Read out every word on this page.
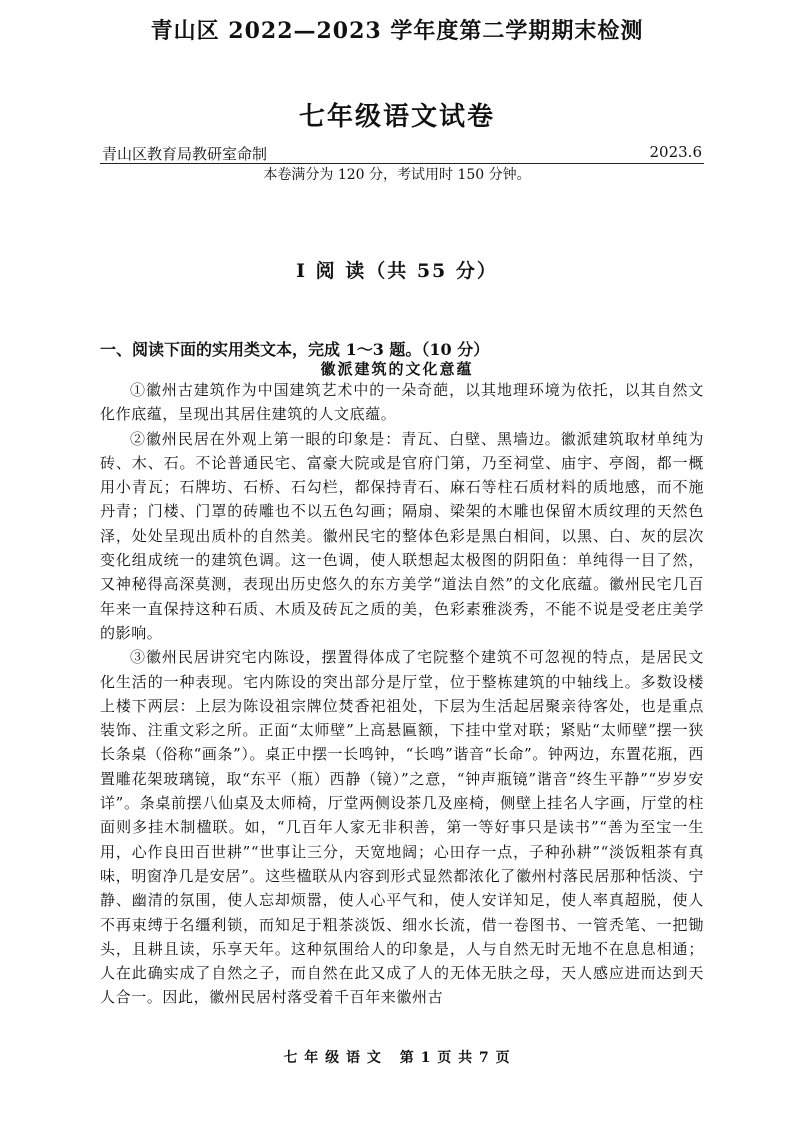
青山区 2022—2023 学年度第二学期期末检测
七年级语文试卷
青山区教育局教研室命制	2023.6
本卷满分为 120 分，考试用时 150 分钟。
Ⅰ 阅 读（共 55 分）
一、阅读下面的实用类文本，完成 1～3 题。（10 分）
徽派建筑的文化意蕴

①徽州古建筑作为中国建筑艺术中的一朵奇葩，以其地理环境为依托，以其自然文化作底蕴，呈现出其居住建筑的人文底蕴。

②徽州民居在外观上第一眼的印象是：青瓦、白壁、黑墙边。徽派建筑取材单纯为砖、木、石。不论普通民宅、富豪大院或是官府门第，乃至祠堂、庙宇、亭阁，都一概用小青瓦；石牌坊、石桥、石勾栏，都保持青石、麻石等柱石质材料的质地感，而不施丹青；门楼、门罩的砖雕也不以五色勾画；隔扇、梁架的木雕也保留木质纹理的天然色泽，处处呈现出质朴的自然美。徽州民宅的整体色彩是黑白相间，以黑、白、灰的层次变化组成统一的建筑色调。这一色调，使人联想起太极图的阴阳鱼：单纯得一目了然，又神秘得高深莫测，表现出历史悠久的东方美学“道法自然”的文化底蕴。徽州民宅几百年来一直保持这种石质、木质及砖瓦之质的美，色彩素雅淡秀，不能不说是受老庄美学的影响。

③徽州民居讲究宅内陈设，摆置得体成了宅院整个建筑不可忽视的特点，是居民文化生活的一种表现。宅内陈设的突出部分是厅堂，位于整栋建筑的中轴线上。多数设楼上楼下两层：上层为陈设祖宗牌位焚香祀祖处，下层为生活起居聚亲待客处，也是重点装饰、注重文彩之所。正面“太师壁”上高悬匾额，下挂中堂对联；紧贴“太师壁”摆一狭长条桌（俗称“画条”）。桌正中摆一长鸣钟，“长鸣”谐音“长命”。钟两边，东置花瓶，西置雕花架玻璃镜，取“东平（瓶）西静（镜）”之意，“钟声瓶镜”谐音“终生平静”“岁岁安详”。条桌前摆八仙桌及太师椅，厅堂两侧设茶几及座椅，侧壁上挂名人字画，厅堂的柱面则多挂木制楹联。如，“几百年人家无非积善，第一等好事只是读书”“善为至宝一生用，心作良田百世耕”“世事让三分，天宽地阔；心田存一点，子种孙耕”“淡饭粗茶有真味，明窗净几是安居”。这些楹联从内容到形式显然都浓化了徽州村落民居那种恬淡、宁静、幽清的氛围，使人忘却烦嚣，使人心平气和，使人安详知足，使人率真超脱，使人不再束缚于名缰利锁，而知足于粗茶淡饭、细水长流，借一卷图书、一管秃笔、一把锄头，且耕且读，乐享天年。这种氛围给人的印象是，人与自然无时无地不在息息相通；人在此确实成了自然之子，而自然在此又成了人的无体无肤之母，天人感应进而达到天人合一。因此，徽州民居村落受着千百年来徽州古

七 年 级 语 文 第 1 页 共 7 页
